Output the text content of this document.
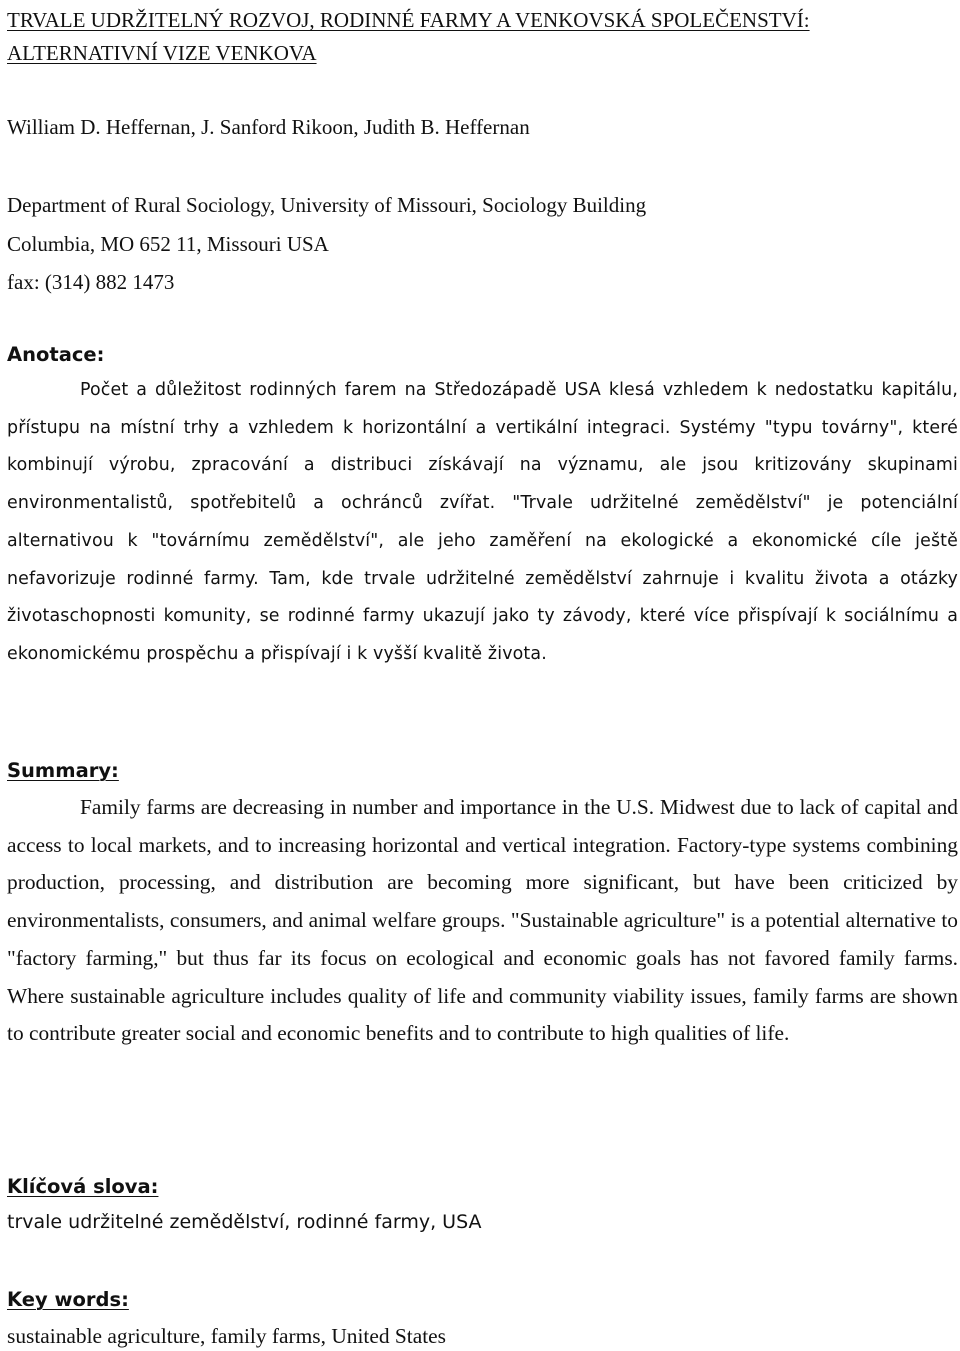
TRVALE UDRŽITELNÝ ROZVOJ, RODINNÉ FARMY A VENKOVSKÁ SPOLEČENSTVÍ: ALTERNATIVNÍ VIZE VENKOVA
William D. Heffernan, J. Sanford Rikoon, Judith B. Heffernan
Department of Rural Sociology, University of Missouri, Sociology Building
Columbia, MO 652 11, Missouri USA
fax: (314) 882 1473
Anotace:
Počet a důležitost rodinných farem na Středozápadě USA klesá vzhledem k nedostatku kapitálu, přístupu na místní trhy a vzhledem k horizontální a vertikální integraci. Systémy "typu továrny", které kombinují výrobu, zpracování a distribuci získávají na významu, ale jsou kritizovány skupinami environmentalistů, spotřebitelů a ochránců zvířat. "Trvale udržitelné zemědělství" je potenciální alternativou k "továrnímu zemědělství", ale jeho zaměření na ekologické a ekonomické cíle ještě nefavorizuje rodinné farmy. Tam, kde trvale udržitelné zemědělství zahrnuje i kvalitu života a otázky životaschopnosti komunity, se rodinné farmy ukazují jako ty závody, které více přispívají k sociálnímu a ekonomickému prospěchu a přispívají i k vyšší kvalitě života.
Summary:
Family farms are decreasing in number and importance in the U.S. Midwest due to lack of capital and access to local markets, and to increasing horizontal and vertical integration. Factory-type systems combining production, processing, and distribution are becoming more significant, but have been criticized by environmentalists, consumers, and animal welfare groups. "Sustainable agriculture" is a potential alternative to "factory farming," but thus far its focus on ecological and economic goals has not favored family farms. Where sustainable agriculture includes quality of life and community viability issues, family farms are shown to contribute greater social and economic benefits and to contribute to high qualities of life.
Klíčová slova:
trvale udržitelné zemědělství, rodinné farmy, USA
Key words:
sustainable agriculture, family farms, United States
